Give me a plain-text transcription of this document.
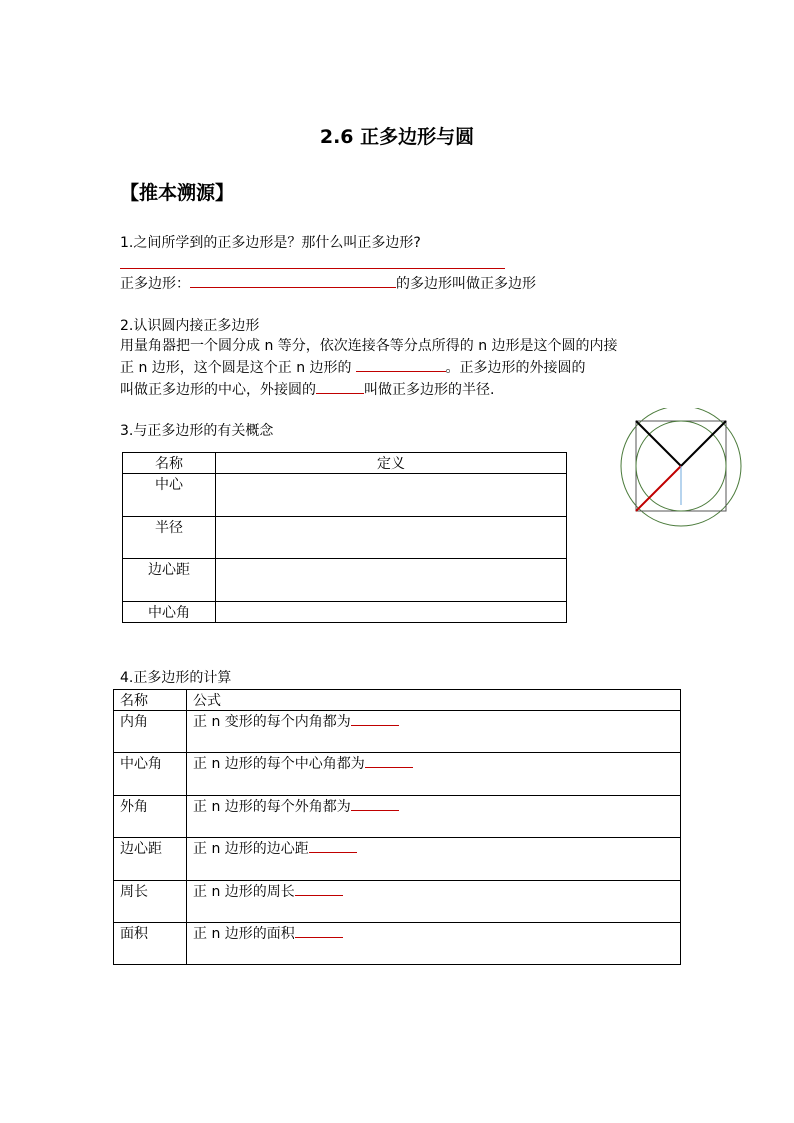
2.6 正多边形与圆
【推本溯源】
1.之间所学到的正多边形是？那什么叫正多边形?
正多边形：	的多边形叫做正多边形
2.认识圆内接正多边形
用量角器把一个圆分成 n 等分，依次连接各等分点所得的 n 边形是这个圆的内接
正 n 边形，这个圆是这个正 n 边形的	。正多边形的外接圆的
叫做正多边形的中心，外接圆的	叫做正多边形的半径.
3.与正多边形的有关概念
名称	定义
中心	
半径	
边心距	
中心角	
4.正多边形的计算
名称	公式
内角	正 n 变形的每个内角都为
中心角	正 n 边形的每个中心角都为
外角	正 n 边形的每个外角都为
边心距	正 n 边形的边心距
周长	正 n 边形的周长
面积	正 n 边形的面积
